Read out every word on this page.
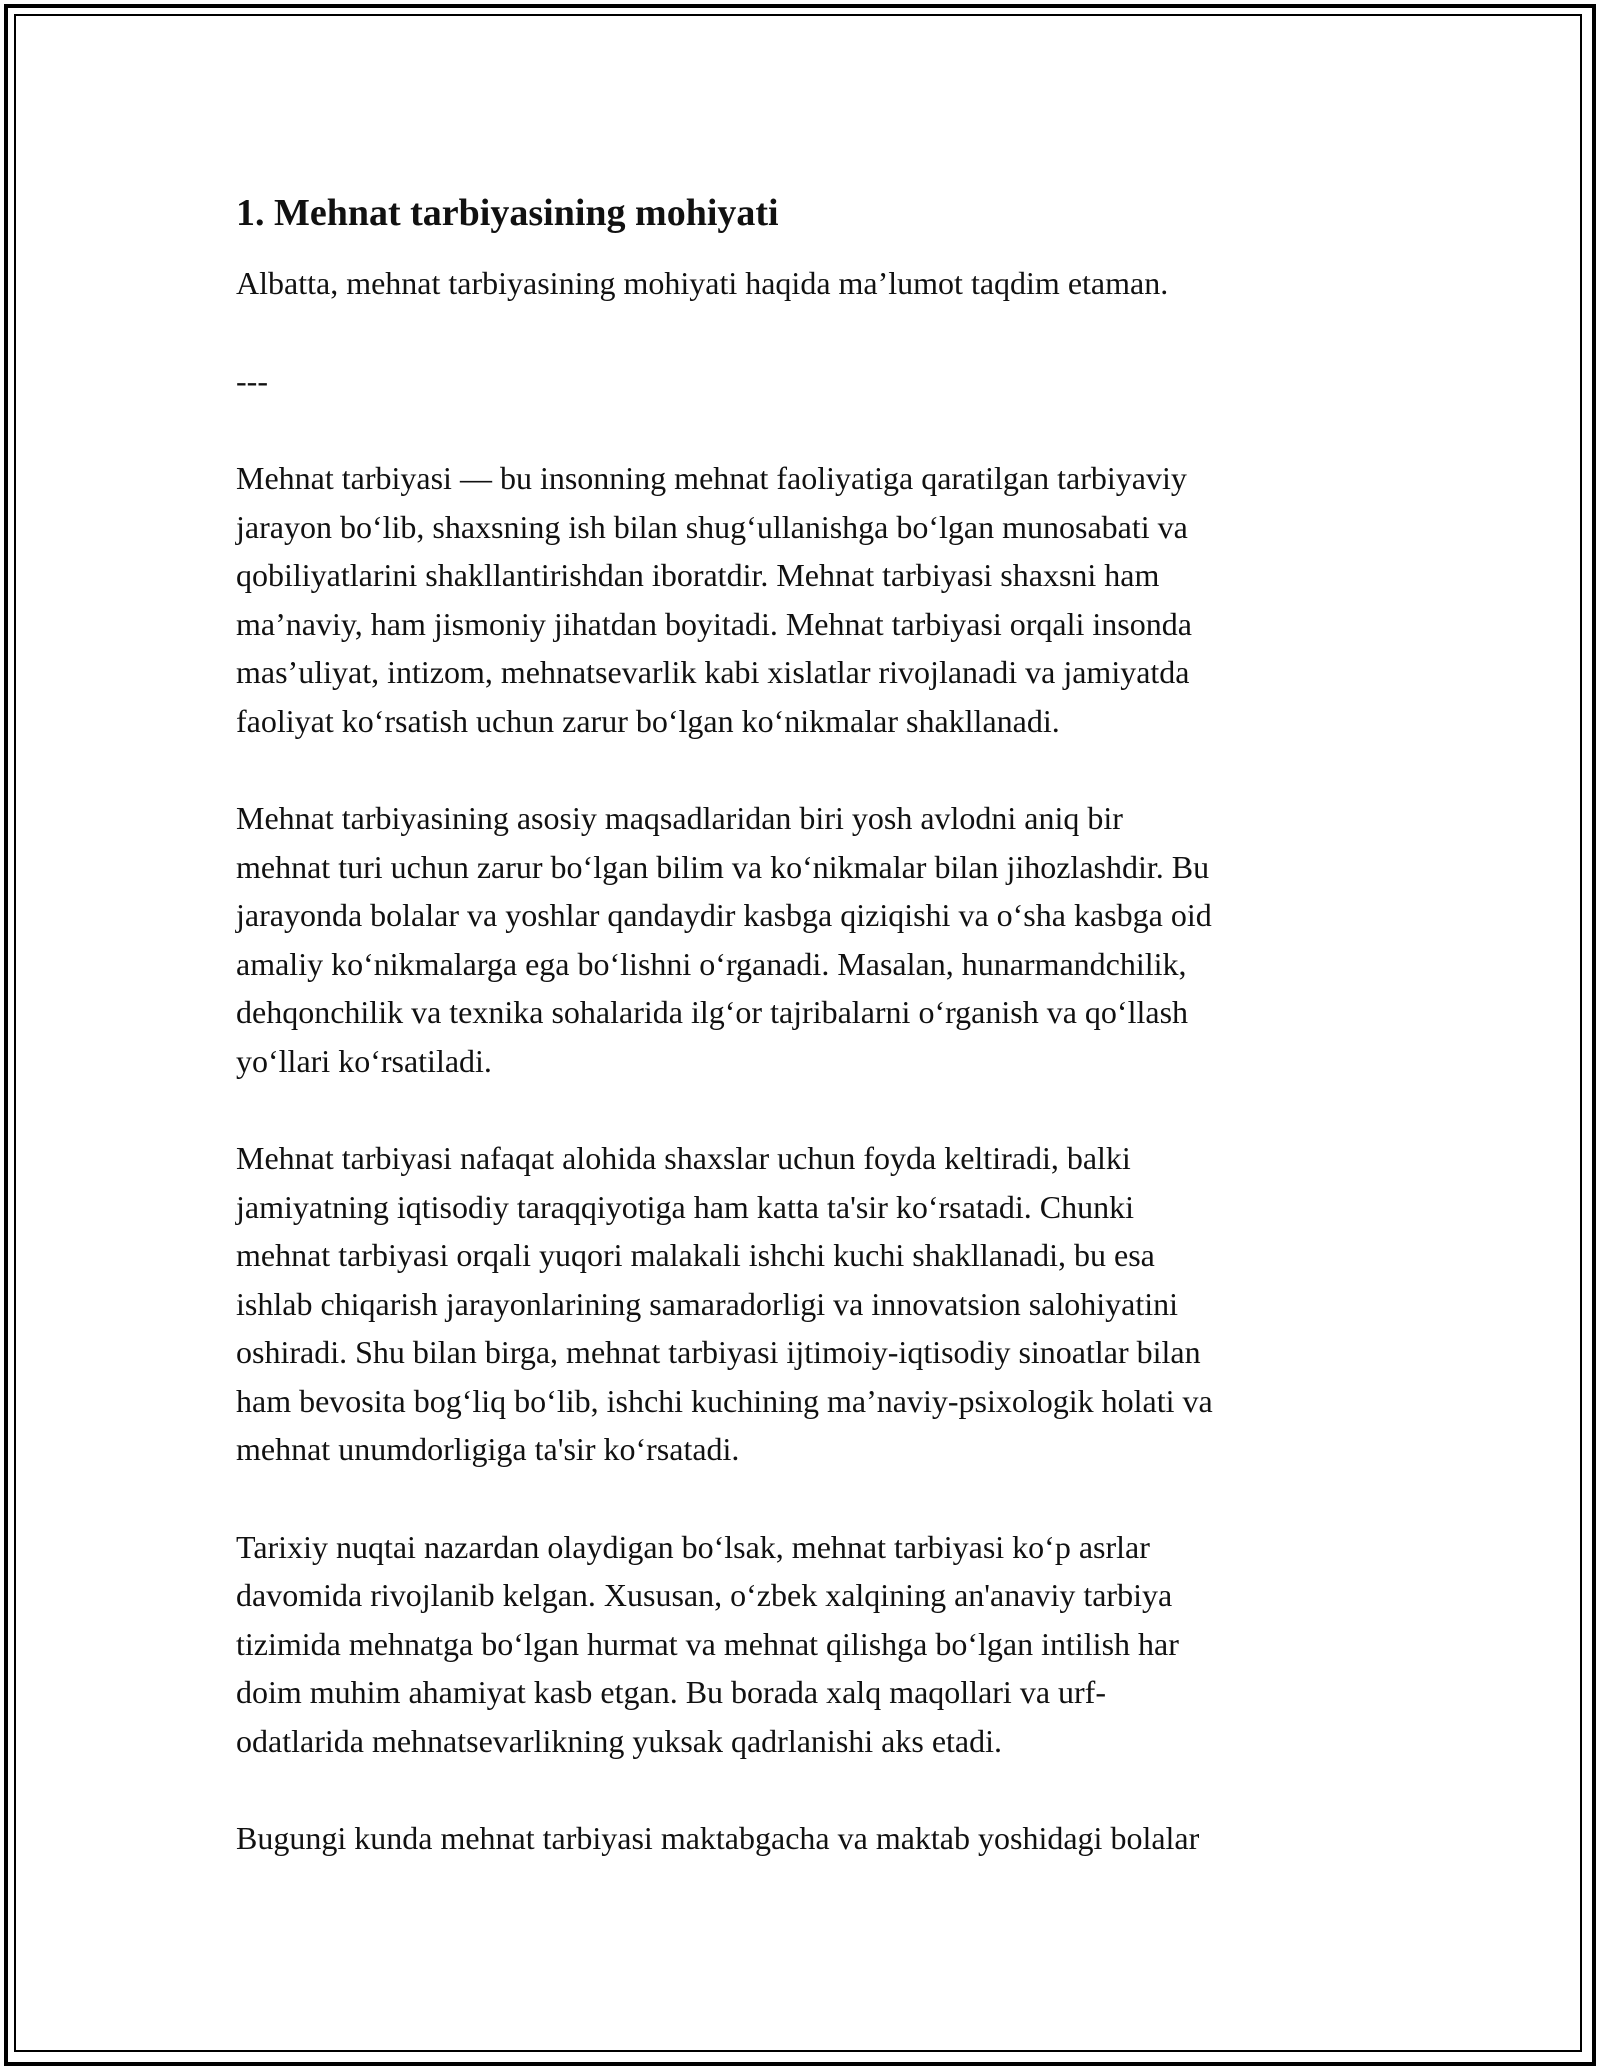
1. Mehnat tarbiyasining mohiyati

Albatta, mehnat tarbiyasining mohiyati haqida ma’lumot taqdim etaman.

---

Mehnat tarbiyasi — bu insonning mehnat faoliyatiga qaratilgan tarbiyaviy
jarayon bo‘lib, shaxsning ish bilan shug‘ullanishga bo‘lgan munosabati va
qobiliyatlarini shakllantirishdan iboratdir. Mehnat tarbiyasi shaxsni ham
ma’naviy, ham jismoniy jihatdan boyitadi. Mehnat tarbiyasi orqali insonda
mas’uliyat, intizom, mehnatsevarlik kabi xislatlar rivojlanadi va jamiyatda
faoliyat ko‘rsatish uchun zarur bo‘lgan ko‘nikmalar shakllanadi.

Mehnat tarbiyasining asosiy maqsadlaridan biri yosh avlodni aniq bir
mehnat turi uchun zarur bo‘lgan bilim va ko‘nikmalar bilan jihozlashdir. Bu
jarayonda bolalar va yoshlar qandaydir kasbga qiziqishi va o‘sha kasbga oid
amaliy ko‘nikmalarga ega bo‘lishni o‘rganadi. Masalan, hunarmandchilik,
dehqonchilik va texnika sohalarida ilg‘or tajribalarni o‘rganish va qo‘llash
yo‘llari ko‘rsatiladi.

Mehnat tarbiyasi nafaqat alohida shaxslar uchun foyda keltiradi, balki
jamiyatning iqtisodiy taraqqiyotiga ham katta ta'sir ko‘rsatadi. Chunki
mehnat tarbiyasi orqali yuqori malakali ishchi kuchi shakllanadi, bu esa
ishlab chiqarish jarayonlarining samaradorligi va innovatsion salohiyatini
oshiradi. Shu bilan birga, mehnat tarbiyasi ijtimoiy-iqtisodiy sinoatlar bilan
ham bevosita bog‘liq bo‘lib, ishchi kuchining ma’naviy-psixologik holati va
mehnat unumdorligiga ta'sir ko‘rsatadi.

Tarixiy nuqtai nazardan olaydigan bo‘lsak, mehnat tarbiyasi ko‘p asrlar
davomida rivojlanib kelgan. Xususan, o‘zbek xalqining an'anaviy tarbiya
tizimida mehnatga bo‘lgan hurmat va mehnat qilishga bo‘lgan intilish har
doim muhim ahamiyat kasb etgan. Bu borada xalq maqollari va urf-
odatlarida mehnatsevarlikning yuksak qadrlanishi aks etadi.

Bugungi kunda mehnat tarbiyasi maktabgacha va maktab yoshidagi bolalar
